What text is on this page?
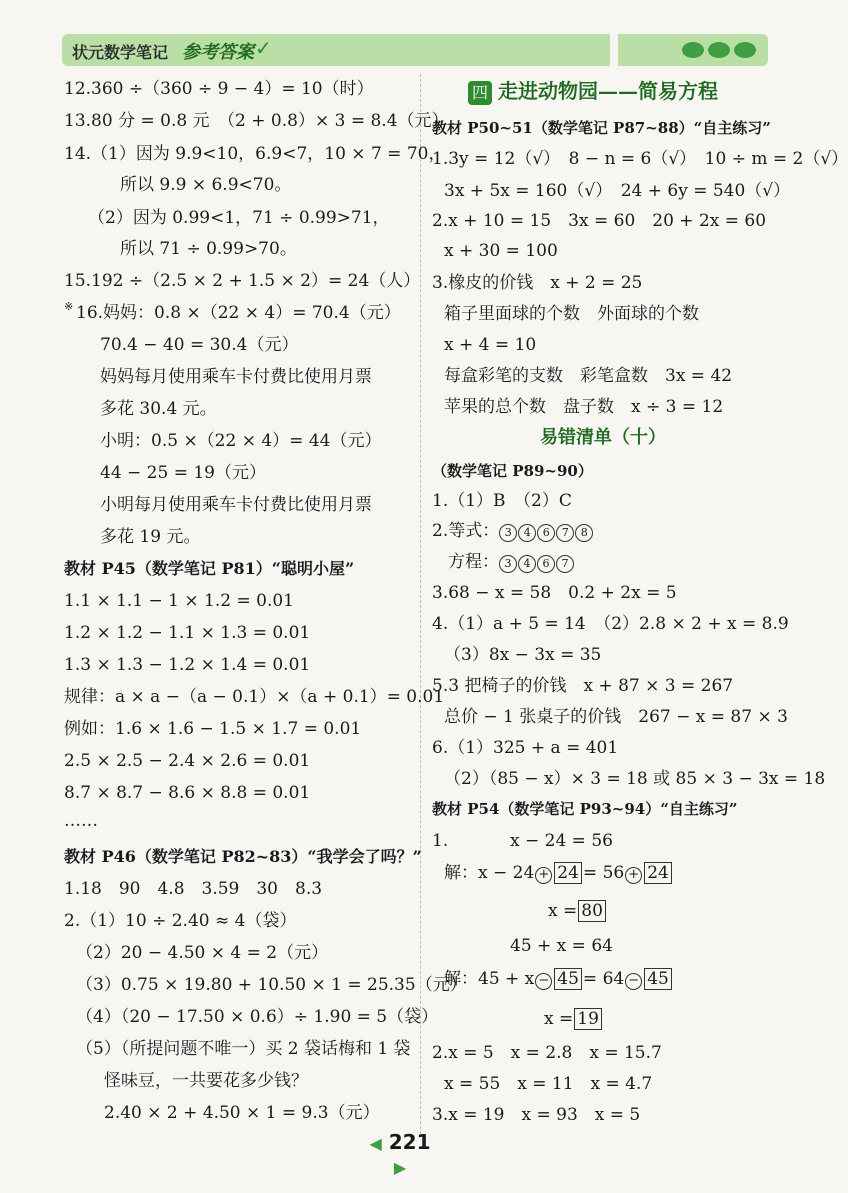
状元数学笔记 参考答案 ✓
12.360 ÷（360 ÷ 9 − 4）= 10（时）
13.80 分 = 0.8 元　（2 + 0.8）× 3 = 8.4（元）
14.（1）因为 9.9<10，6.9<7，10 × 7 = 70，
所以 9.9 × 6.9<70。
（2）因为 0.99<1，71 ÷ 0.99>71，
所以 71 ÷ 0.99>70。
15.192 ÷（2.5 × 2 + 1.5 × 2）= 24（人）
※ 16.妈妈：0.8 ×（22 × 4）= 70.4（元）
70.4 − 40 = 30.4（元）
妈妈每月使用乘车卡付费比使用月票
多花 30.4 元。
小明：0.5 ×（22 × 4）= 44（元）
44 − 25 = 19（元）
小明每月使用乘车卡付费比使用月票
多花 19 元。
教材 P45（数学笔记 P81）“聪明小屋”
1.1 × 1.1 − 1 × 1.2 = 0.01
1.2 × 1.2 − 1.1 × 1.3 = 0.01
1.3 × 1.3 − 1.2 × 1.4 = 0.01
规律：a × a −（a − 0.1）×（a + 0.1）= 0.01
例如：1.6 × 1.6 − 1.5 × 1.7 = 0.01
2.5 × 2.5 − 2.4 × 2.6 = 0.01
8.7 × 8.7 − 8.6 × 8.8 = 0.01
……
教材 P46（数学笔记 P82~83）“我学会了吗？”
1.18　90　4.8　3.59　30　8.3
2.（1）10 ÷ 2.40 ≈ 4（袋）
（2）20 − 4.50 × 4 = 2（元）
（3）0.75 × 19.80 + 10.50 × 1 = 25.35（元）
（4）（20 − 17.50 × 0.6）÷ 1.90 = 5（袋）
（5）（所提问题不唯一）买 2 袋话梅和 1 袋
怪味豆，一共要花多少钱？
2.40 × 2 + 4.50 × 1 = 9.3（元）
四 走进动物园——简易方程
教材 P50~51（数学笔记 P87~88）“自主练习”
1.3y = 12（√）　8 − n = 6（√）　10 ÷ m = 2（√）
3x + 5x = 160（√）　24 + 6y = 540（√）
2.x + 10 = 15　3x = 60　20 + 2x = 60
x + 30 = 100
3.橡皮的价钱　x + 2 = 25
箱子里面球的个数　外面球的个数
x + 4 = 10
每盒彩笔的支数　彩笔盒数　3x = 42
苹果的总个数　盘子数　x ÷ 3 = 12
易错清单（十）
（数学笔记 P89~90）
1.（1）B　（2）C
2.等式： 3 4 6 7 8
方程： 3 4 6 7
3.68 − x = 58　0.2 + 2x = 5
4.（1）a + 5 = 14　（2）2.8 × 2 + x = 8.9
（3）8x − 3x = 35
5.3 把椅子的价钱　x + 87 × 3 = 267
总价 − 1 张桌子的价钱　267 − x = 87 × 3
6.（1）325 + a = 401
（2）（85 − x）× 3 = 18 或 85 × 3 − 3x = 18
教材 P54（数学笔记 P93~94）“自主练习”
1.	x − 24 = 56
解：x − 24 + 24 = 56 + 24
x = 80
45 + x = 64
解：45 + x − 45 = 64 − 45
x = 19
2.x = 5　x = 2.8　x = 15.7
x = 55　x = 11　x = 4.7
3.x = 19　x = 93　x = 5
◀ 221 ▶
